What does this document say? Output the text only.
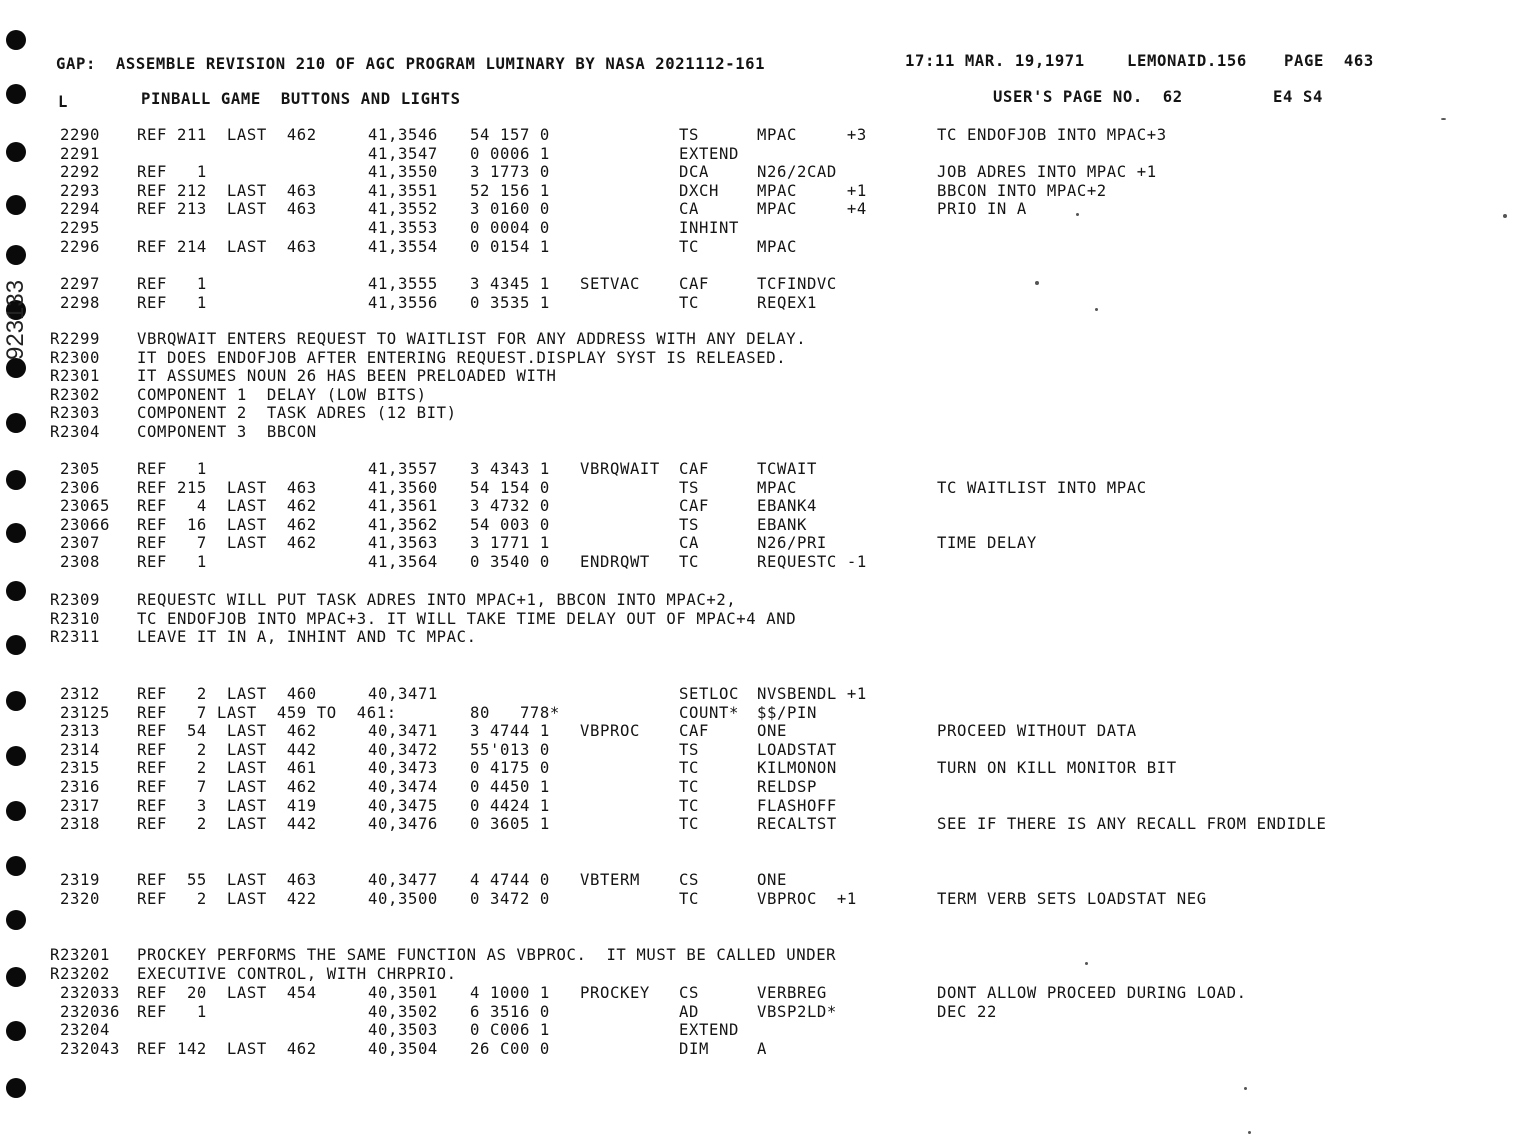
923133
GAP:  ASSEMBLE REVISION 210 OF AGC PROGRAM LUMINARY BY NASA 2021112-161	17:11 MAR. 19,1971	LEMONAID.156 PAGE  463
L	PINBALL GAME  BUTTONS AND LIGHTS	USER'S PAGE NO.  62	E4 S4
2290 REF 211  LAST  462	41,3546 54 157 0	TS	MPAC     +3	TC ENDOFJOB INTO MPAC+3
2291	41,3547 0 0006 1	EXTEND
2292 REF   1	41,3550 3 1773 0	DCA	N26/2CAD	JOB ADRES INTO MPAC +1
2293 REF 212  LAST  463	41,3551 52 156 1	DXCH MPAC     +1	BBCON INTO MPAC+2
2294 REF 213  LAST  463	41,3552 3 0160 0	CA	MPAC     +4	PRIO IN A
2295	41,3553 0 0004 0	INHINT
2296 REF 214  LAST  463	41,3554 0 0154 1	TC	MPAC
2297 REF   1	41,3555 3 4345 1 SETVAC	CAF	TCFINDVC
2298 REF   1	41,3556 0 3535 1	TC	REQEX1
R2299 VBRQWAIT ENTERS REQUEST TO WAITLIST FOR ANY ADDRESS WITH ANY DELAY.
R2300 IT DOES ENDOFJOB AFTER ENTERING REQUEST.DISPLAY SYST IS RELEASED.
R2301 IT ASSUMES NOUN 26 HAS BEEN PRELOADED WITH
R2302 COMPONENT 1  DELAY (LOW BITS)
R2303 COMPONENT 2  TASK ADRES (12 BIT)
R2304 COMPONENT 3  BBCON
2305 REF   1	41,3557 3 4343 1 VBRQWAIT CAF	TCWAIT
2306 REF 215  LAST  463	41,3560 54 154 0	TS	MPAC	TC WAITLIST INTO MPAC
23065 REF   4  LAST  462	41,3561 3 4732 0	CAF	EBANK4
23066 REF  16  LAST  462	41,3562 54 003 0	TS	EBANK
2307 REF   7  LAST  462	41,3563 3 1771 1	CA	N26/PRI	TIME DELAY
2308 REF   1	41,3564 0 3540 0 ENDRQWT TC	REQUESTC -1
R2309 REQUESTC WILL PUT TASK ADRES INTO MPAC+1, BBCON INTO MPAC+2,
R2310 TC ENDOFJOB INTO MPAC+3. IT WILL TAKE TIME DELAY OUT OF MPAC+4 AND
R2311 LEAVE IT IN A, INHINT AND TC MPAC.
2312 REF   2  LAST  460	40,3471	SETLOC NVSBENDL +1
23125 REF   7 LAST  459 TO  461:	80   778*	COUNT* $$/PIN
2313 REF  54  LAST  462	40,3471 3 4744 1 VBPROC	CAF	ONE	PROCEED WITHOUT DATA
2314 REF   2  LAST  442	40,3472 55'013 0	TS	LOADSTAT
2315 REF   2  LAST  461	40,3473 0 4175 0	TC	KILMONON	TURN ON KILL MONITOR BIT
2316 REF   7  LAST  462	40,3474 0 4450 1	TC	RELDSP
2317 REF   3  LAST  419	40,3475 0 4424 1	TC	FLASHOFF
2318 REF   2  LAST  442	40,3476 0 3605 1	TC	RECALTST	SEE IF THERE IS ANY RECALL FROM ENDIDLE
2319 REF  55  LAST  463	40,3477 4 4744 0 VBTERM	CS	ONE
2320 REF   2  LAST  422	40,3500 0 3472 0	TC	VBPROC  +1	TERM VERB SETS LOADSTAT NEG
R23201 PROCKEY PERFORMS THE SAME FUNCTION AS VBPROC.  IT MUST BE CALLED UNDER
R23202 EXECUTIVE CONTROL, WITH CHRPRIO.
232033 REF  20  LAST  454	40,3501 4 1000 1 PROCKEY CS	VERBREG	DONT ALLOW PROCEED DURING LOAD.
232036 REF   1	40,3502 6 3516 0	AD	VBSP2LD*	DEC 22
23204	40,3503 0 C006 1	EXTEND
232043 REF 142  LAST  462	40,3504 26 C00 0	DIM	A
